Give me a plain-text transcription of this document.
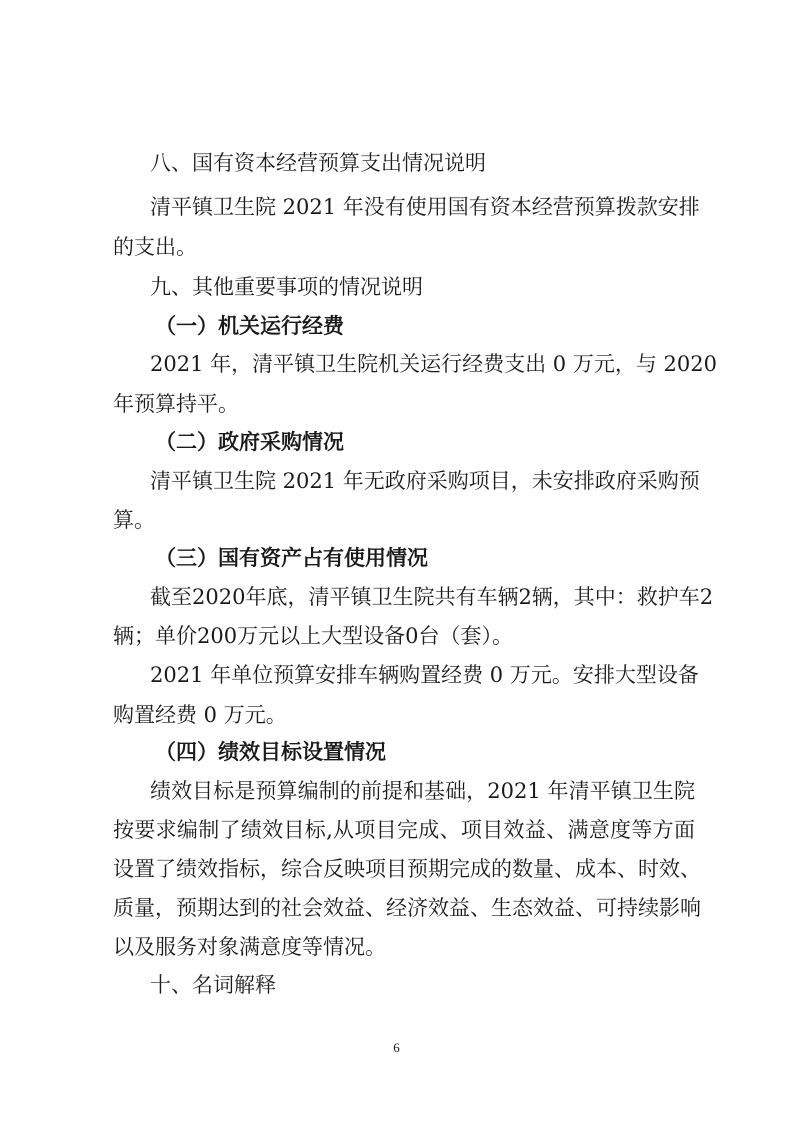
八、国有资本经营预算支出情况说明
清平镇卫生院 2021 年没有使用国有资本经营预算拨款安排
的支出。
九、其他重要事项的情况说明
（一）机关运行经费
2021 年，清平镇卫生院机关运行经费支出 0 万元，与 2020
年预算持平。
（二）政府采购情况
清平镇卫生院 2021 年无政府采购项目，未安排政府采购预
算。
（三）国有资产占有使用情况
截至2020年底，清平镇卫生院共有车辆2辆，其中：救护车2
辆；单价200万元以上大型设备0台（套）。
2021 年单位预算安排车辆购置经费 0 万元。安排大型设备
购置经费 0 万元。
（四）绩效目标设置情况
绩效目标是预算编制的前提和基础，2021 年清平镇卫生院
按要求编制了绩效目标,从项目完成、项目效益、满意度等方面
设置了绩效指标，综合反映项目预期完成的数量、成本、时效、
质量，预期达到的社会效益、经济效益、生态效益、可持续影响
以及服务对象满意度等情况。
十、名词解释
6
